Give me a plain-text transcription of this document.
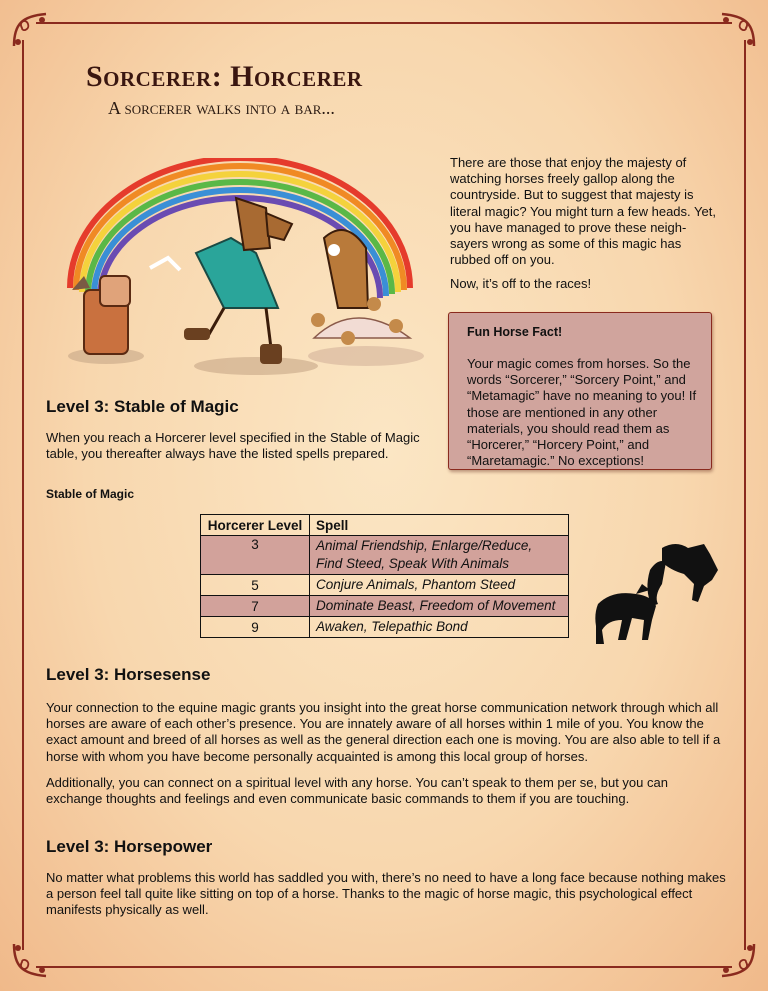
Sorcerer: Horcerer
A sorcerer walks into a bar...

There are those that enjoy the majesty of watching horses freely gallop along the countryside. But to suggest that majesty is literal magic? You might turn a few heads. Yet, you have managed to prove these neigh-sayers wrong as some of this magic has rubbed off on you.

Now, it’s off to the races!

Fun Horse Fact!
Your magic comes from horses. So the words “Sorcerer,” “Sorcery Point,” and “Metamagic” have no meaning to you! If those are mentioned in any other materials, you should read them as “Horcerer,” “Horcery Point,” and “Maretamagic.” No exceptions!
Level 3: Stable of Magic

When you reach a Horcerer level specified in the Stable of Magic table, you thereafter always have the listed spells prepared.

Stable of Magic
Horcerer Level	Spell
3	Animal Friendship, Enlarge/Reduce, Find Steed, Speak With Animals
5	Conjure Animals, Phantom Steed
7	Dominate Beast, Freedom of Movement
9	Awaken, Telepathic Bond
Level 3: Horsesense

Your connection to the equine magic grants you insight into the great horse communication network through which all horses are aware of each other’s presence. You are innately aware of all horses within 1 mile of you. You know the exact amount and breed of all horses as well as the general direction each one is moving. You are also able to tell if a horse with whom you have become personally acquainted is among this local group of horses.

Additionally, you can connect on a spiritual level with any horse. You can’t speak to them per se, but you can exchange thoughts and feelings and even communicate basic commands to them if you are touching.

Level 3: Horsepower

No matter what problems this world has saddled you with, there’s no need to have a long face because nothing makes a person feel tall quite like sitting on top of a horse. Thanks to the magic of horse magic, this psychological effect manifests physically as well.
